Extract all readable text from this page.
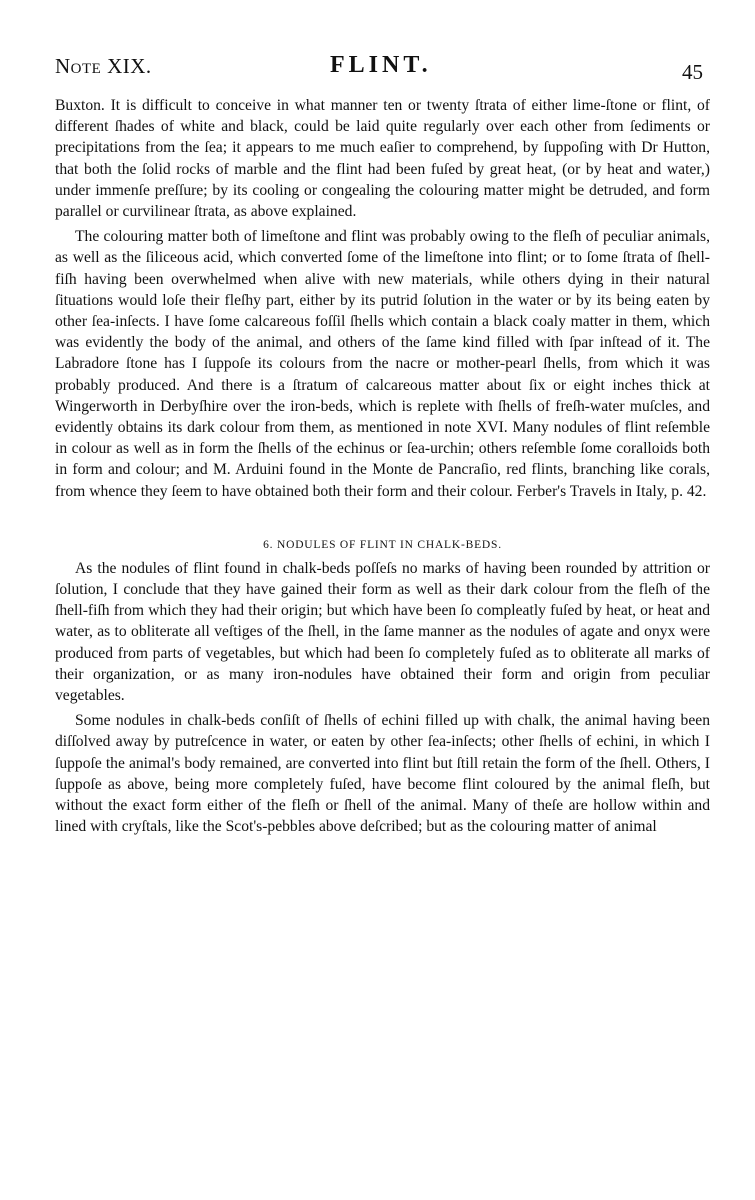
Note XIX.	FLINT.	45

Buxton. It is difficult to conceive in what manner ten or twenty ſtrata of either lime-ſtone or flint, of different ſhades of white and black, could be laid quite regularly over each other from ſediments or precipitations from the ſea; it appears to me much eaſier to comprehend, by ſuppoſing with Dr Hutton, that both the ſolid rocks of marble and the flint had been fuſed by great heat, (or by heat and water,) under immenſe preſſure; by its cooling or congealing the colouring matter might be detruded, and form parallel or curvilinear ſtrata, as above explained.

The colouring matter both of limeſtone and flint was probably owing to the fleſh of peculiar animals, as well as the ſiliceous acid, which converted ſome of the limeſtone into flint; or to ſome ſtrata of ſhell-fiſh having been overwhelmed when alive with new materials, while others dying in their natural ſituations would loſe their fleſhy part, either by its putrid ſolution in the water or by its being eaten by other ſea-inſects. I have ſome calcareous foſſil ſhells which contain a black coaly matter in them, which was evidently the body of the animal, and others of the ſame kind filled with ſpar inſtead of it. The Labradore ſtone has I ſuppoſe its colours from the nacre or mother-pearl ſhells, from which it was probably produced. And there is a ſtratum of calcareous matter about ſix or eight inches thick at Wingerworth in Derbyſhire over the iron-beds, which is replete with ſhells of freſh-water muſcles, and evidently obtains its dark colour from them, as mentioned in note XVI. Many nodules of flint reſemble in colour as well as in form the ſhells of the echinus or ſea-urchin; others reſemble ſome coralloids both in form and colour; and M. Arduini found in the Monte de Pancraſio, red flints, branching like corals, from whence they ſeem to have obtained both their form and their colour. Ferber's Travels in Italy, p. 42.

6. NODULES OF FLINT IN CHALK-BEDS.

As the nodules of flint found in chalk-beds poſſeſs no marks of having been rounded by attrition or ſolution, I conclude that they have gained their form as well as their dark colour from the fleſh of the ſhell-fiſh from which they had their origin; but which have been ſo compleatly fuſed by heat, or heat and water, as to obliterate all veſtiges of the ſhell, in the ſame manner as the nodules of agate and onyx were produced from parts of vegetables, but which had been ſo completely fuſed as to obliterate all marks of their organization, or as many iron-nodules have obtained their form and origin from peculiar vegetables.

Some nodules in chalk-beds conſiſt of ſhells of echini filled up with chalk, the animal having been diſſolved away by putreſcence in water, or eaten by other ſea-inſects; other ſhells of echini, in which I ſuppoſe the animal's body remained, are converted into flint but ſtill retain the form of the ſhell. Others, I ſuppoſe as above, being more completely fuſed, have become flint coloured by the animal fleſh, but without the exact form either of the fleſh or ſhell of the animal. Many of theſe are hollow within and lined with cryſtals, like the Scot's-pebbles above deſcribed; but as the colouring matter of animal
